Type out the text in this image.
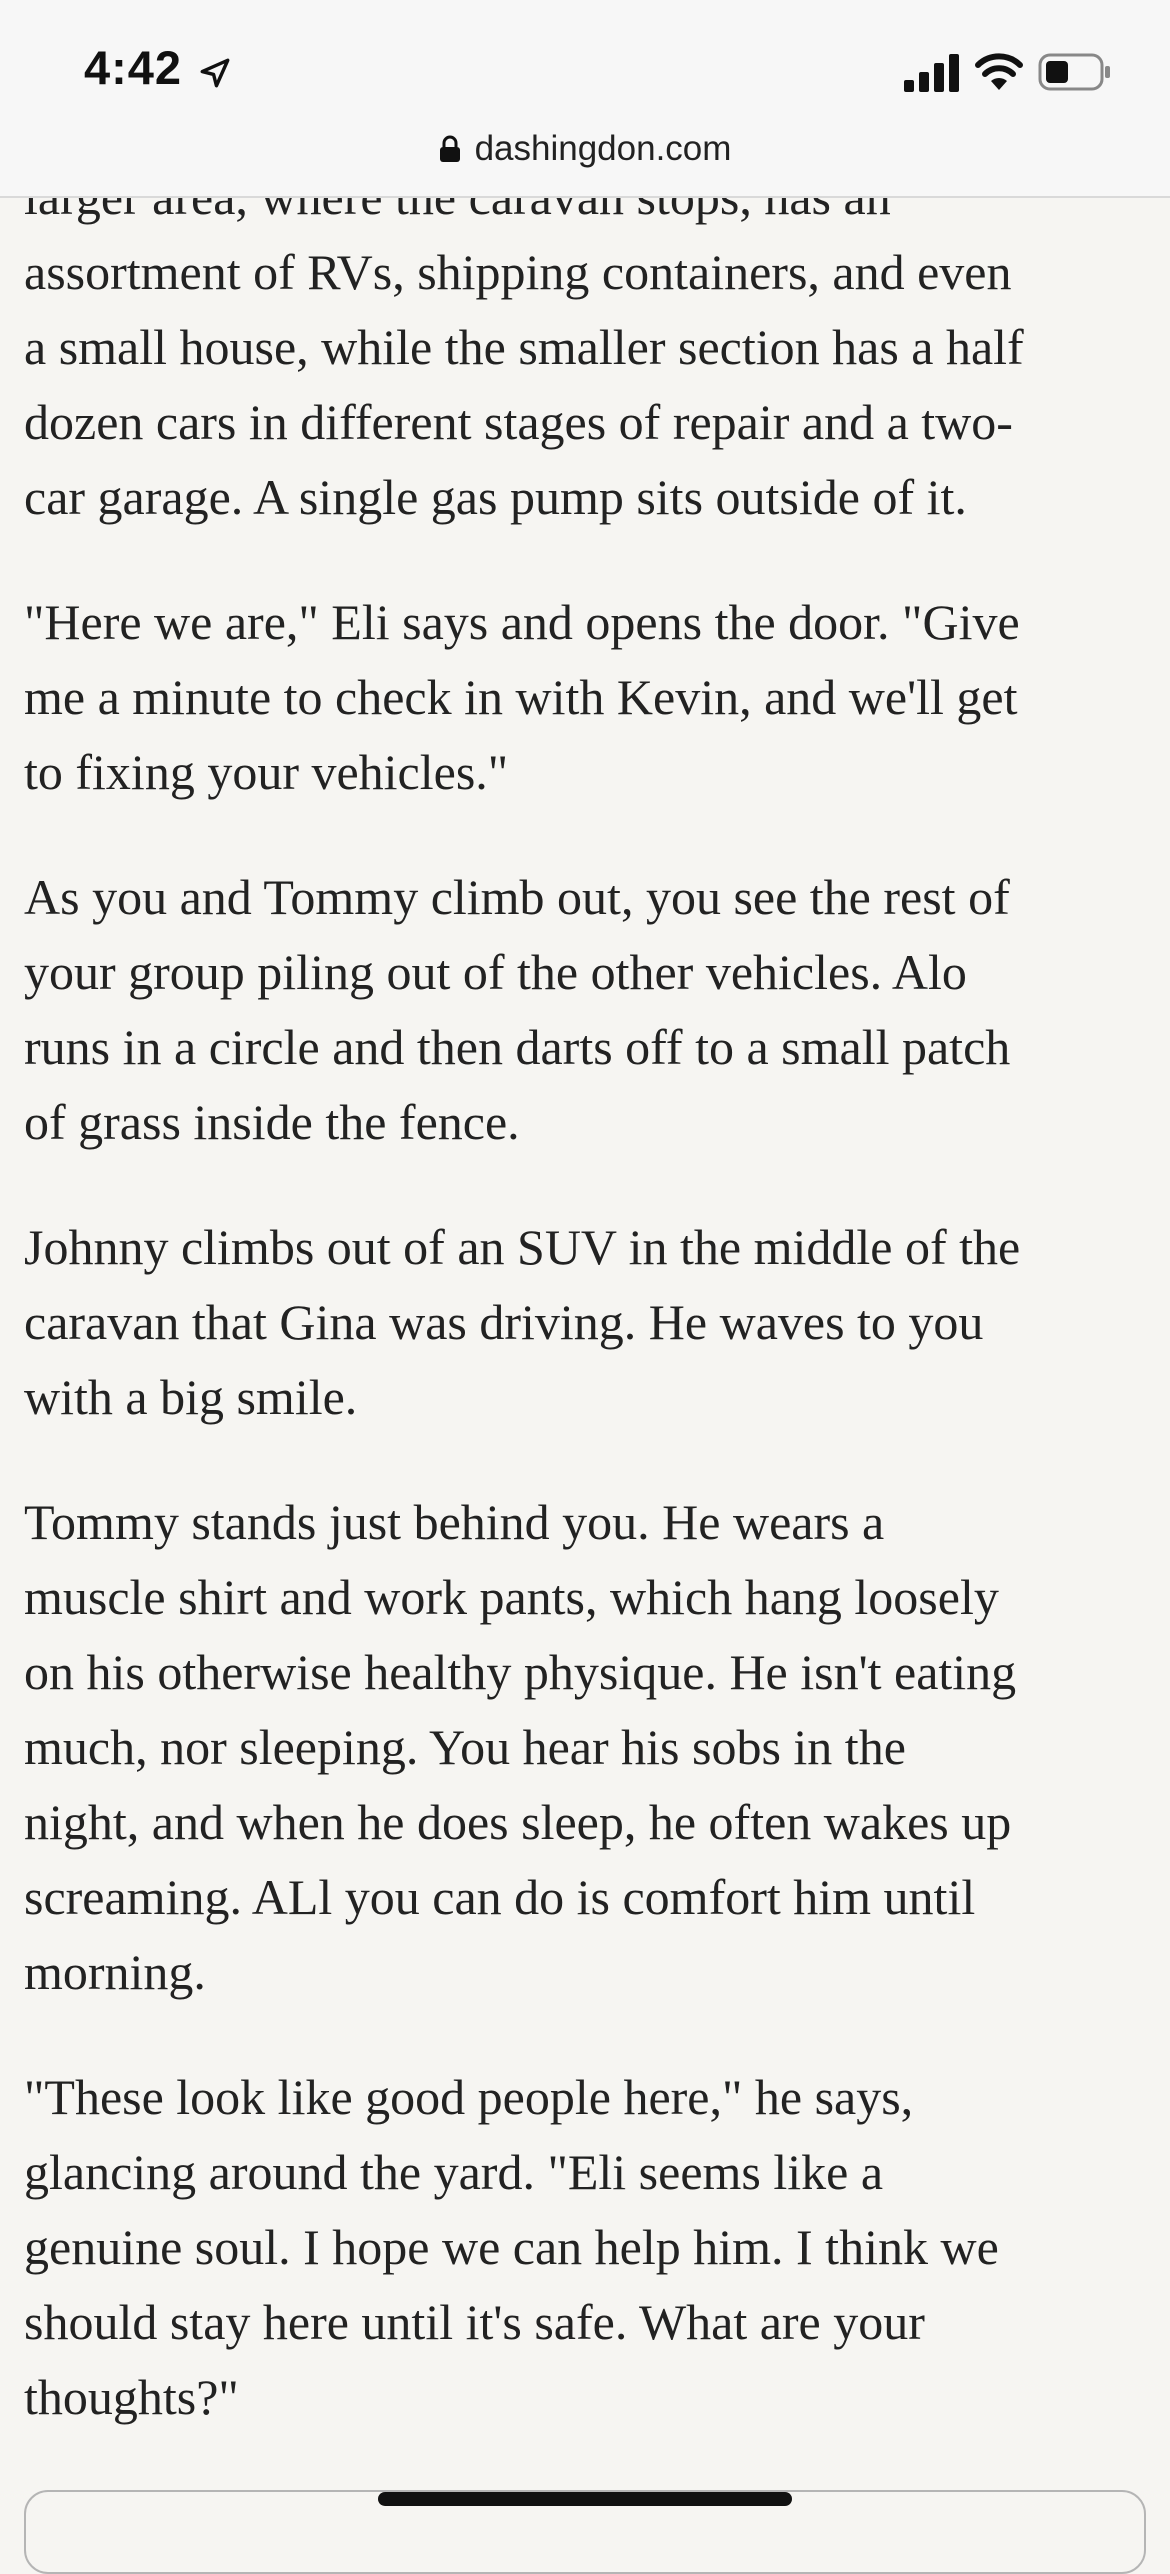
4:42
dashingdon.com

assortment of RVs, shipping containers, and even
a small house, while the smaller section has a half
dozen cars in different stages of repair and a two-
car garage. A single gas pump sits outside of it.

"Here we are," Eli says and opens the door. "Give
me a minute to check in with Kevin, and we'll get
to fixing your vehicles."

As you and Tommy climb out, you see the rest of
your group piling out of the other vehicles. Alo
runs in a circle and then darts off to a small patch
of grass inside the fence.

Johnny climbs out of an SUV in the middle of the
caravan that Gina was driving. He waves to you
with a big smile.

Tommy stands just behind you. He wears a
muscle shirt and work pants, which hang loosely
on his otherwise healthy physique. He isn't eating
much, nor sleeping. You hear his sobs in the
night, and when he does sleep, he often wakes up
screaming. ALl you can do is comfort him until
morning.

"These look like good people here," he says,
glancing around the yard. "Eli seems like a
genuine soul. I hope we can help him. I think we
should stay here until it's safe. What are your
thoughts?"
